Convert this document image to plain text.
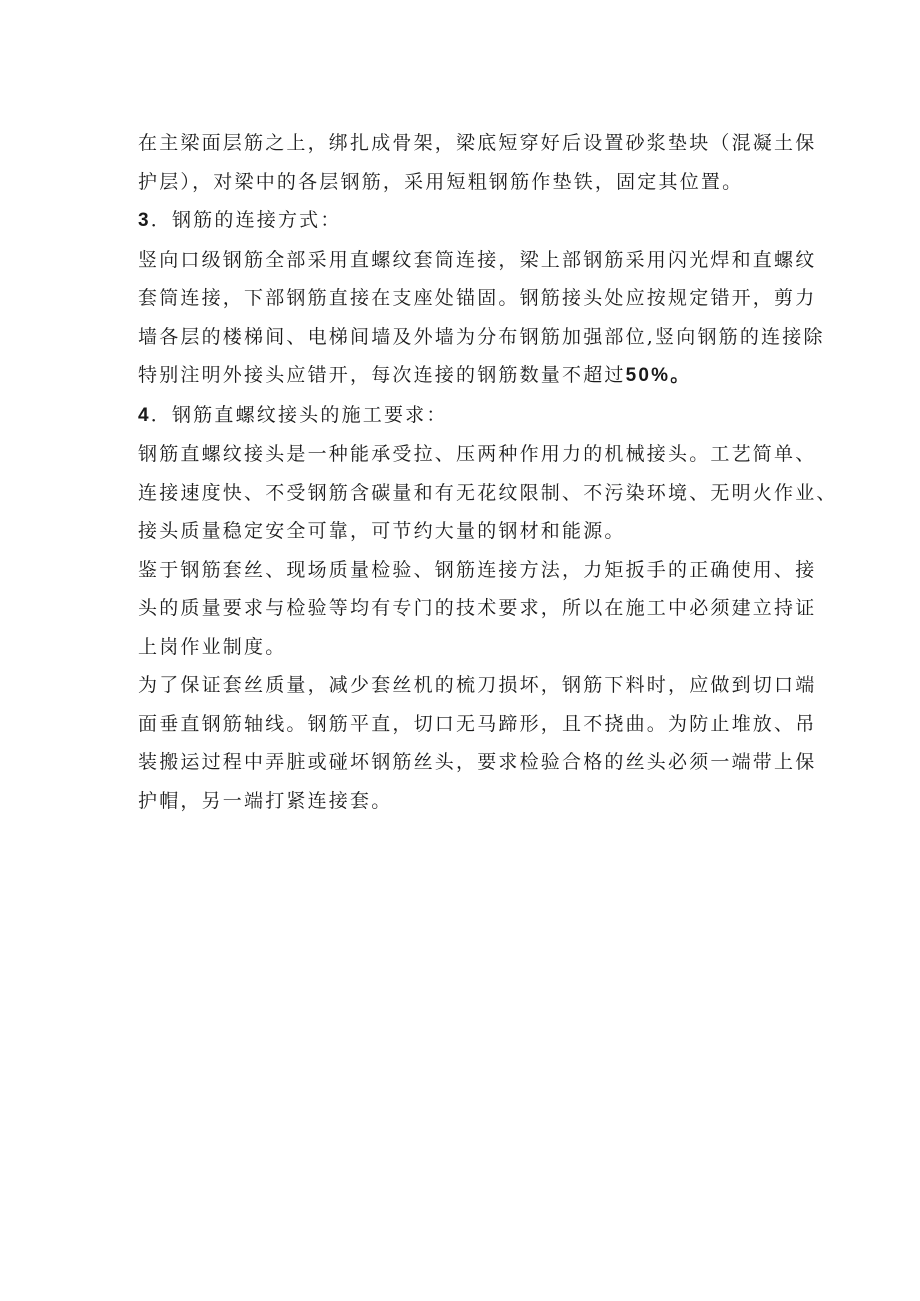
在主梁面层筋之上，绑扎成骨架，梁底短穿好后设置砂浆垫块（混凝土保
护层），对梁中的各层钢筋，采用短粗钢筋作垫铁，固定其位置。

3．钢筋的连接方式：

竖向口级钢筋全部采用直螺纹套筒连接，梁上部钢筋采用闪光焊和直螺纹
套筒连接，下部钢筋直接在支座处锚固。钢筋接头处应按规定错开，剪力
墙各层的楼梯间、电梯间墙及外墙为分布钢筋加强部位,竖向钢筋的连接除
特别注明外接头应错开，每次连接的钢筋数量不超过50%。

4．钢筋直螺纹接头的施工要求：

钢筋直螺纹接头是一种能承受拉、压两种作用力的机械接头。工艺简单、
连接速度快、不受钢筋含碳量和有无花纹限制、不污染环境、无明火作业、
接头质量稳定安全可靠，可节约大量的钢材和能源。

鉴于钢筋套丝、现场质量检验、钢筋连接方法，力矩扳手的正确使用、接
头的质量要求与检验等均有专门的技术要求，所以在施工中必须建立持证
上岗作业制度。

为了保证套丝质量，减少套丝机的梳刀损坏，钢筋下料时，应做到切口端
面垂直钢筋轴线。钢筋平直，切口无马蹄形，且不挠曲。为防止堆放、吊
装搬运过程中弄脏或碰坏钢筋丝头，要求检验合格的丝头必须一端带上保
护帽，另一端打紧连接套。
